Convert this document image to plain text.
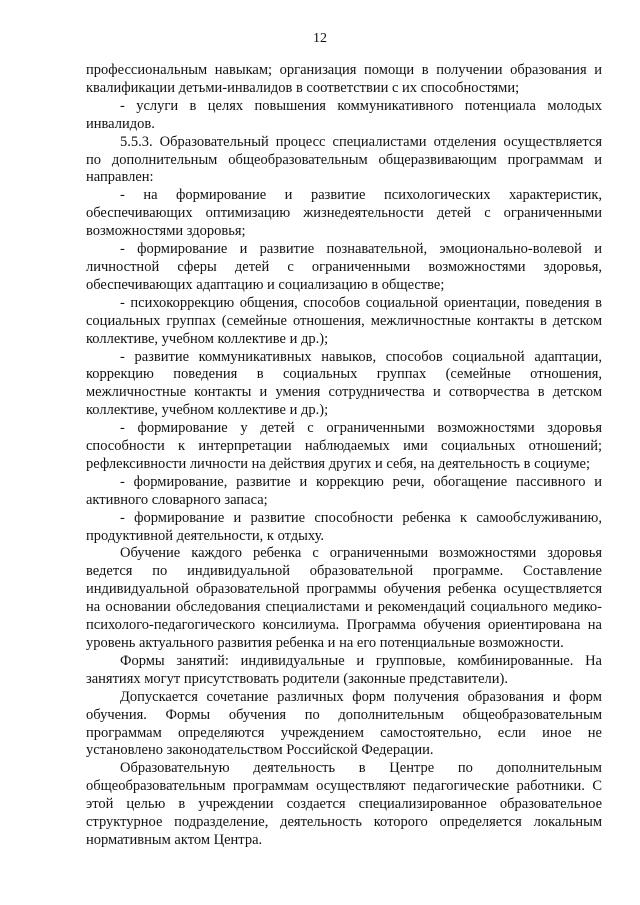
12

профессиональным навыкам; организация помощи в получении образования и квалификации детьми-инвалидов в соответствии с их способностями;

- услуги в целях повышения коммуникативного потенциала молодых инвалидов.

5.5.3. Образовательный процесс специалистами отделения осуществляется по дополнительным общеобразовательным общеразвивающим программам и направлен:

- на формирование и развитие психологических характеристик, обеспечивающих оптимизацию жизнедеятельности детей с ограниченными возможностями здоровья;

- формирование и развитие познавательной, эмоционально-волевой и личностной сферы детей с ограниченными возможностями здоровья, обеспечивающих адаптацию и социализацию в обществе;

- психокоррекцию общения, способов социальной ориентации, поведения в социальных группах (семейные отношения, межличностные контакты в детском коллективе, учебном коллективе и др.);

- развитие коммуникативных навыков, способов социальной адаптации, коррекцию поведения в социальных группах (семейные отношения, межличностные контакты и умения сотрудничества и сотворчества в детском коллективе, учебном коллективе и др.);

- формирование у детей с ограниченными возможностями здоровья способности к интерпретации наблюдаемых ими социальных отношений; рефлексивности личности на действия других и себя, на деятельность в социуме;

- формирование, развитие и коррекцию речи, обогащение пассивного и активного словарного запаса;

- формирование и развитие способности ребенка к самообслуживанию, продуктивной деятельности, к отдыху.

Обучение каждого ребенка с ограниченными возможностями здоровья ведется по индивидуальной образовательной программе. Составление индивидуальной образовательной программы обучения ребенка осуществляется на основании обследования специалистами и рекомендаций социального медико-психолого-педагогического консилиума. Программа обучения ориентирована на уровень актуального развития ребенка и на его потенциальные возможности.

Формы занятий: индивидуальные и групповые, комбинированные. На занятиях могут присутствовать родители (законные представители).

Допускается сочетание различных форм получения образования и форм обучения. Формы обучения по дополнительным общеобразовательным программам определяются учреждением самостоятельно, если иное не установлено законодательством Российской Федерации.

Образовательную деятельность в Центре по дополнительным общеобразовательным программам осуществляют педагогические работники. С этой целью в учреждении создается специализированное образовательное структурное подразделение, деятельность которого определяется локальным нормативным актом Центра.
